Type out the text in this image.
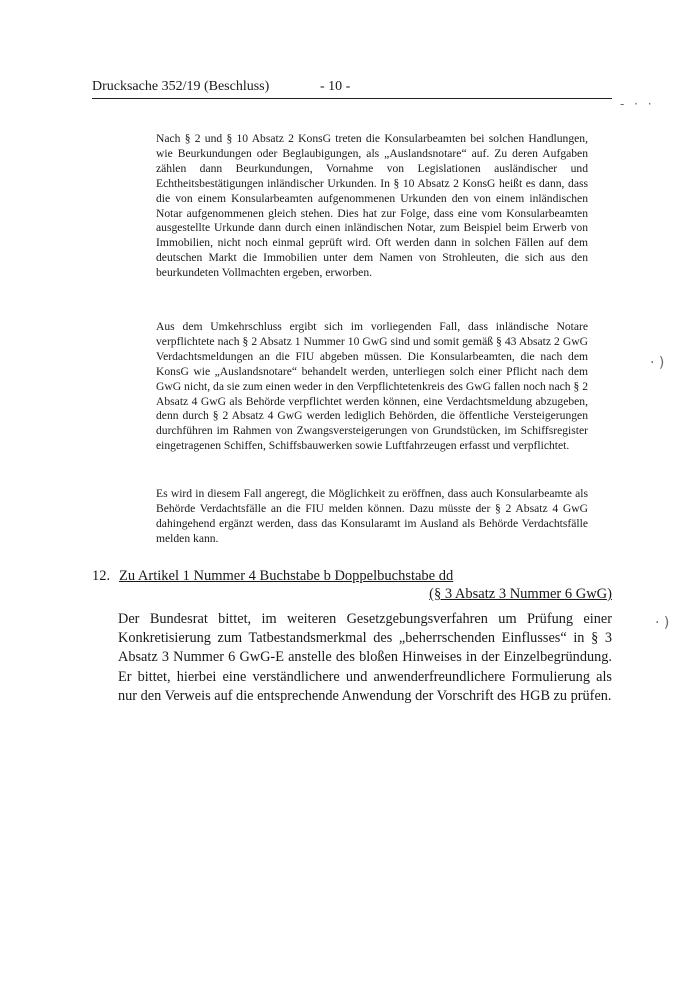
Drucksache 352/19 (Beschluss)	- 10 -

Nach § 2 und § 10 Absatz 2 KonsG treten die Konsularbeamten bei solchen Handlungen, wie Beurkundungen oder Beglaubigungen, als „Auslandsnotare“ auf. Zu deren Aufgaben zählen dann Beurkundungen, Vornahme von Legislationen ausländischer und Echtheitsbestätigungen inländischer Urkunden. In § 10 Absatz 2 KonsG heißt es dann, dass die von einem Konsularbeamten aufgenommenen Urkunden den von einem inländischen Notar aufgenommenen gleich stehen. Dies hat zur Folge, dass eine vom Konsularbeamten ausgestellte Urkunde dann durch einen inländischen Notar, zum Beispiel beim Erwerb von Immobilien, nicht noch einmal geprüft wird. Oft werden dann in solchen Fällen auf dem deutschen Markt die Immobilien unter dem Namen von Strohleuten, die sich aus den beurkundeten Vollmachten ergeben, erworben.

Aus dem Umkehrschluss ergibt sich im vorliegenden Fall, dass inländische Notare verpflichtete nach § 2 Absatz 1 Nummer 10 GwG sind und somit gemäß § 43 Absatz 2 GwG Verdachtsmeldungen an die FIU abgeben müssen. Die Konsularbeamten, die nach dem KonsG wie „Auslandsnotare“ behandelt werden, unterliegen solch einer Pflicht nach dem GwG nicht, da sie zum einen weder in den Verpflichtetenkreis des GwG fallen noch nach § 2 Absatz 4 GwG als Behörde verpflichtet werden können, eine Verdachtsmeldung abzugeben, denn durch § 2 Absatz 4 GwG werden lediglich Behörden, die öffentliche Versteigerungen durchführen im Rahmen von Zwangsversteigerungen von Grundstücken, im Schiffsregister eingetragenen Schiffen, Schiffsbauwerken sowie Luftfahrzeugen erfasst und verpflichtet.

Es wird in diesem Fall angeregt, die Möglichkeit zu eröffnen, dass auch Konsularbeamte als Behörde Verdachtsfälle an die FIU melden können. Dazu müsste der § 2 Absatz 4 GwG dahingehend ergänzt werden, dass das Konsularamt im Ausland als Behörde Verdachtsfälle melden kann.

12. Zu Artikel 1 Nummer 4 Buchstabe b Doppelbuchstabe dd
(§ 3 Absatz 3 Nummer 6 GwG)

Der Bundesrat bittet, im weiteren Gesetzgebungsverfahren um Prüfung einer Konkretisierung zum Tatbestandsmerkmal des „beherrschenden Einflusses“ in § 3 Absatz 3 Nummer 6 GwG-E anstelle des bloßen Hinweises in der Einzelbegründung. Er bittet, hierbei eine verständlichere und anwenderfreundlichere Formulierung als nur den Verweis auf die entsprechende Anwendung der Vorschrift des HGB zu prüfen.

- · ·
· )
· )
